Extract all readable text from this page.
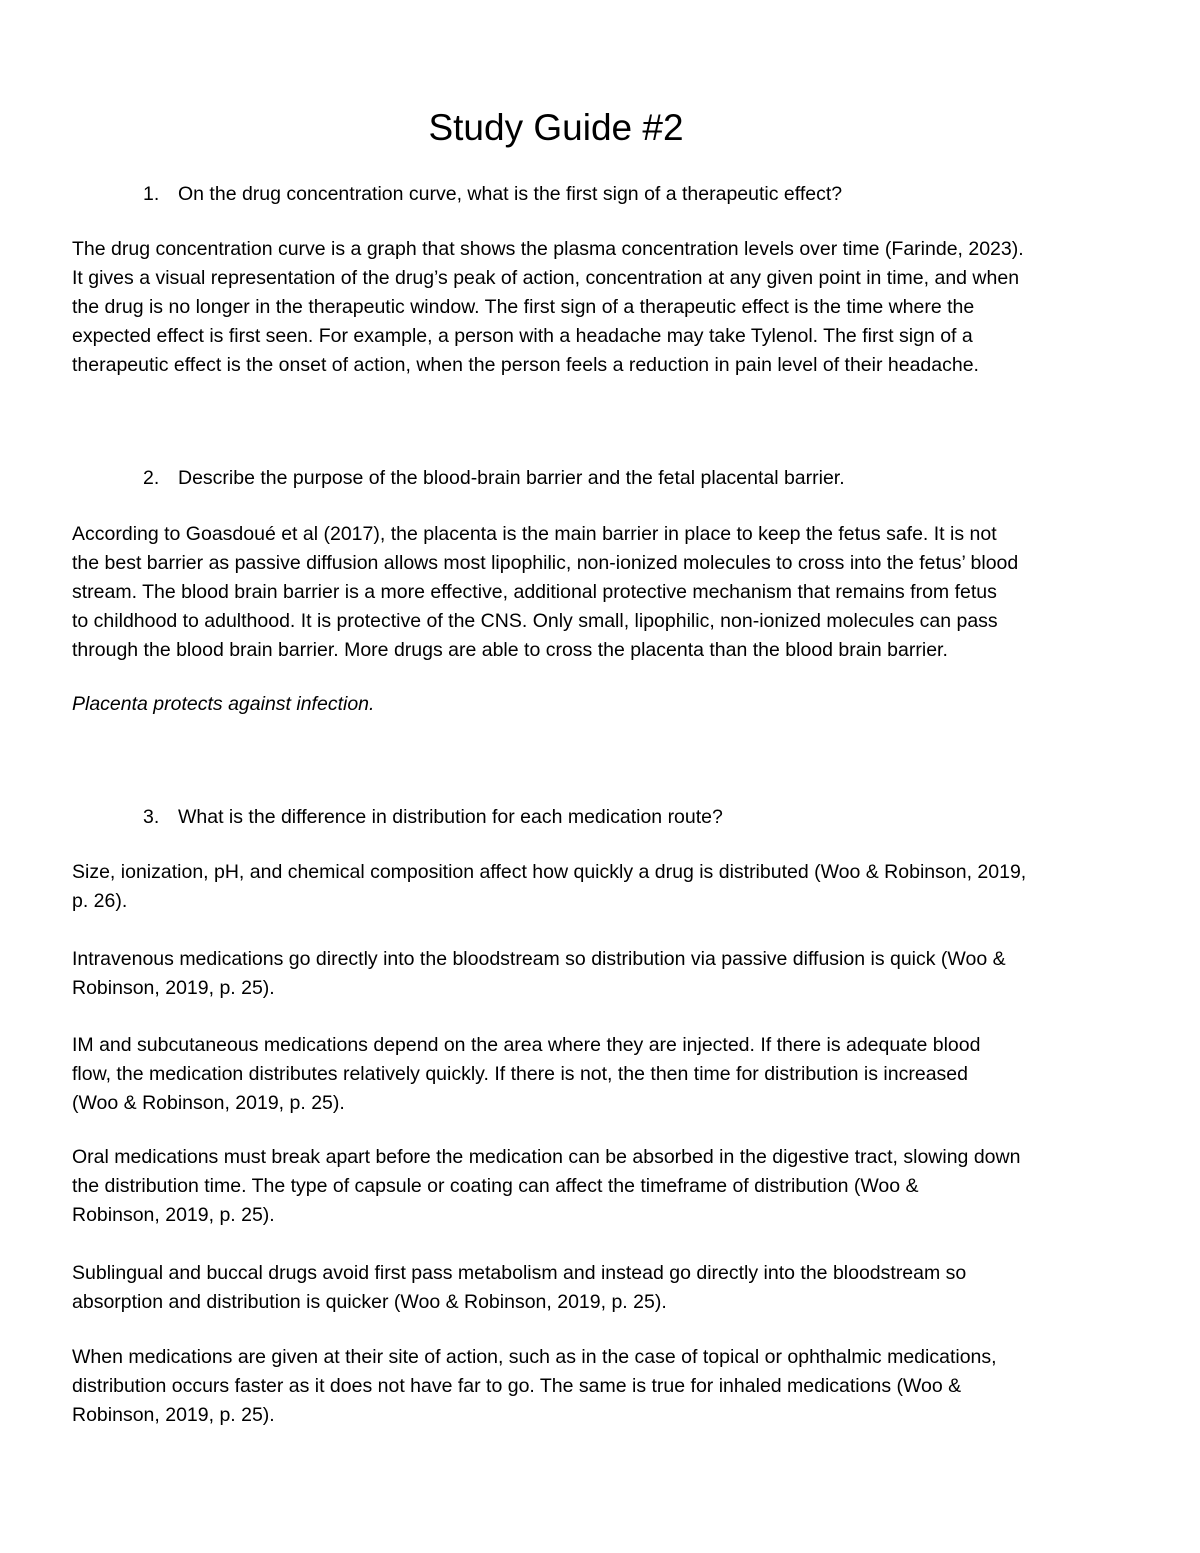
Study Guide #2
1. On the drug concentration curve, what is the first sign of a therapeutic effect?
The drug concentration curve is a graph that shows the plasma concentration levels over time (Farinde, 2023).
It gives a visual representation of the drug’s peak of action, concentration at any given point in time, and when
the drug is no longer in the therapeutic window. The first sign of a therapeutic effect is the time where the
expected effect is first seen. For example, a person with a headache may take Tylenol. The first sign of a
therapeutic effect is the onset of action, when the person feels a reduction in pain level of their headache.
2. Describe the purpose of the blood-brain barrier and the fetal placental barrier.
According to Goasdoué et al (2017), the placenta is the main barrier in place to keep the fetus safe. It is not
the best barrier as passive diffusion allows most lipophilic, non-ionized molecules to cross into the fetus’ blood
stream. The blood brain barrier is a more effective, additional protective mechanism that remains from fetus
to childhood to adulthood. It is protective of the CNS. Only small, lipophilic, non-ionized molecules can pass
through the blood brain barrier. More drugs are able to cross the placenta than the blood brain barrier.
Placenta protects against infection.
3. What is the difference in distribution for each medication route?
Size, ionization, pH, and chemical composition affect how quickly a drug is distributed (Woo & Robinson, 2019,
p. 26).
Intravenous medications go directly into the bloodstream so distribution via passive diffusion is quick (Woo &
Robinson, 2019, p. 25).
IM and subcutaneous medications depend on the area where they are injected. If there is adequate blood
flow, the medication distributes relatively quickly. If there is not, the then time for distribution is increased
(Woo & Robinson, 2019, p. 25).
Oral medications must break apart before the medication can be absorbed in the digestive tract, slowing down
the distribution time. The type of capsule or coating can affect the timeframe of distribution (Woo &
Robinson, 2019, p. 25).
Sublingual and buccal drugs avoid first pass metabolism and instead go directly into the bloodstream so
absorption and distribution is quicker (Woo & Robinson, 2019, p. 25).
When medications are given at their site of action, such as in the case of topical or ophthalmic medications,
distribution occurs faster as it does not have far to go. The same is true for inhaled medications (Woo &
Robinson, 2019, p. 25).
